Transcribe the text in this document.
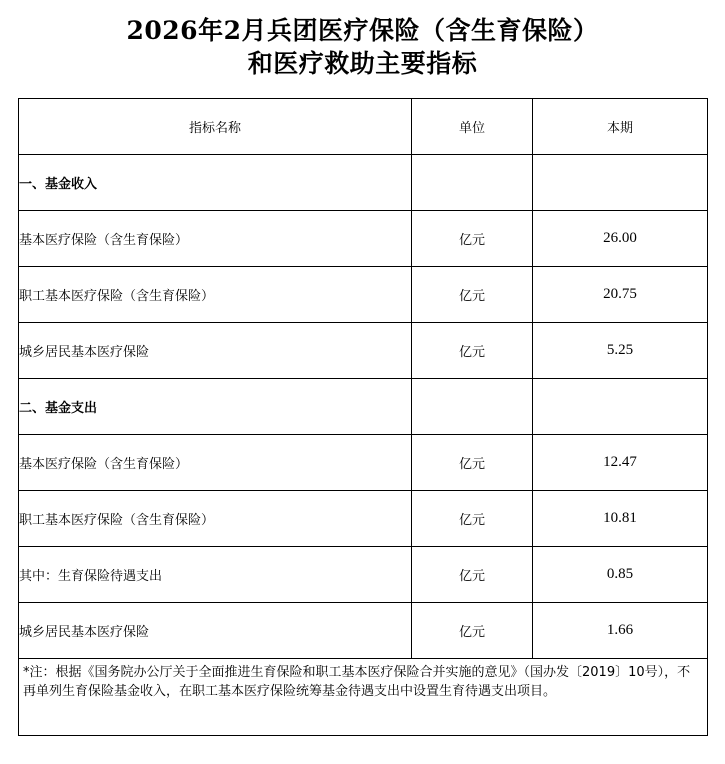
2026年2月兵团医疗保险（含生育保险）
和医疗救助主要指标
指标名称	单位	本期
一、基金收入		
基本医疗保险（含生育保险）	亿元	26.00
职工基本医疗保险（含生育保险）	亿元	20.75
城乡居民基本医疗保险	亿元	5.25
二、基金支出		
基本医疗保险（含生育保险）	亿元	12.47
职工基本医疗保险（含生育保险）	亿元	10.81
其中：生育保险待遇支出	亿元	0.85
城乡居民基本医疗保险	亿元	1.66
*注：根据《国务院办公厅关于全面推进生育保险和职工基本医疗保险合并实施的意见》（国办发〔2019〕10号），不再单列生育保险基金收入，在职工基本医疗保险统筹基金待遇支出中设置生育待遇支出项目。		
